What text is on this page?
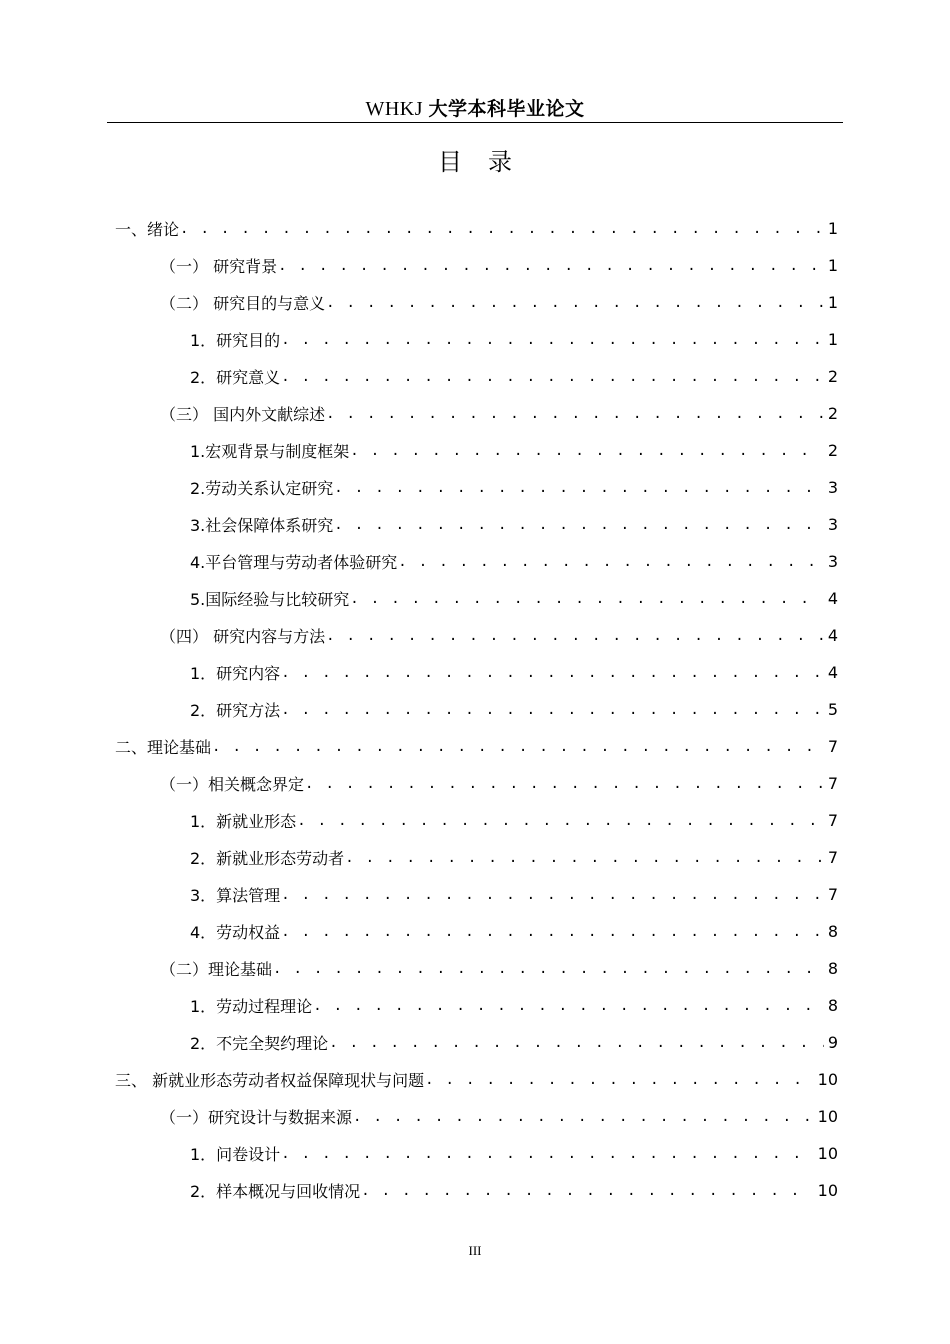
WHKJ 大学本科毕业论文
目录
一、绪论 . . .	1
（一） 研究背景 . . .	1
（二） 研究目的与意义 . . .	1
1．研究目的 . . .	1
2．研究意义 . . .	2
（三） 国内外文献综述 . . .	2
1.宏观背景与制度框架 . . .	2
2.劳动关系认定研究 . . .	3
3.社会保障体系研究 . . .	3
4.平台管理与劳动者体验研究 . . .	3
5.国际经验与比较研究 . . .	4
（四） 研究内容与方法 . . .	4
1．研究内容 . . .	4
2．研究方法 . . .	5
二、理论基础 . . .	7
（一）相关概念界定 . . .	7
1．新就业形态 . . .	7
2．新就业形态劳动者 . . .	7
3．算法管理 . . .	7
4．劳动权益 . . .	8
（二）理论基础 . . .	8
1．劳动过程理论 . . .	8
2．不完全契约理论 . . .	9
三、 新就业形态劳动者权益保障现状与问题 . . .	10
（一）研究设计与数据来源 . . .	10
1．问卷设计 . . .	10
2．样本概况与回收情况 . . .	10
III
